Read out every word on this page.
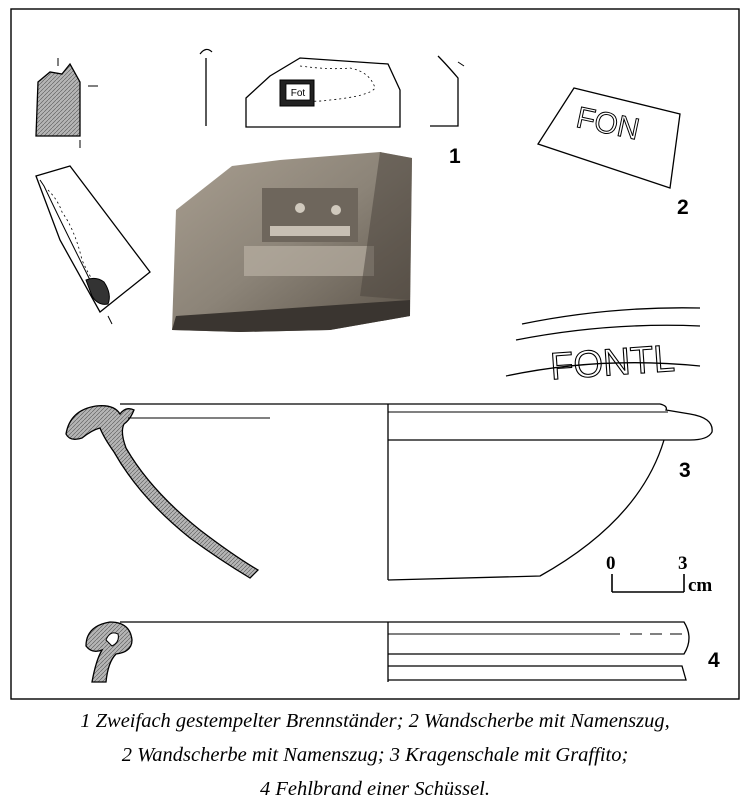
Fot
FON
FONTL
1
2
3
4
0	3
cm
1 Zweifach gestempelter Brennständer; 2 Wandscherbe mit Namenszug,
2 Wandscherbe mit Namenszug; 3 Kragenschale mit Graffito;
4 Fehlbrand einer Schüssel.
